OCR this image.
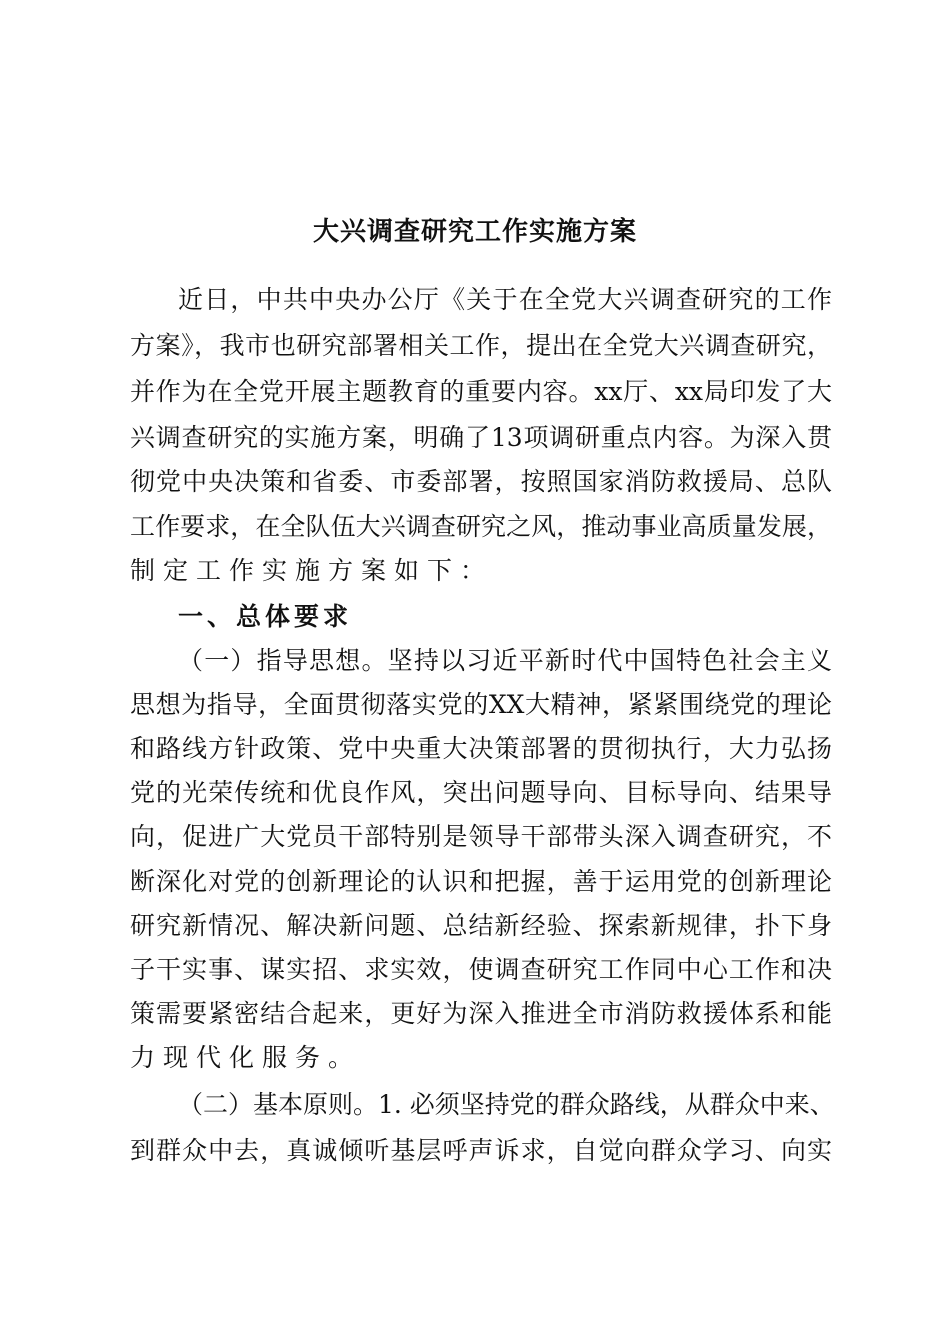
大兴调查研究工作实施方案
近日，中共中央办公厅《关于在全党大兴调查研究的工作
方案》，我市也研究部署相关工作，提出在全党大兴调查研究，
并作为在全党开展主题教育的重要内容。xx厅、xx局印发了大
兴调查研究的实施方案，明确了13项调研重点内容。为深入贯
彻党中央决策和省委、市委部署，按照国家消防救援局、总队
工作要求，在全队伍大兴调查研究之风，推动事业高质量发展，
制定工作实施方案如下：
一、总体要求
（一）指导思想。坚持以习近平新时代中国特色社会主义
思想为指导，全面贯彻落实党的XX大精神，紧紧围绕党的理论
和路线方针政策、党中央重大决策部署的贯彻执行，大力弘扬
党的光荣传统和优良作风，突出问题导向、目标导向、结果导
向，促进广大党员干部特别是领导干部带头深入调查研究，不
断深化对党的创新理论的认识和把握，善于运用党的创新理论
研究新情况、解决新问题、总结新经验、探索新规律，扑下身
子干实事、谋实招、求实效，使调查研究工作同中心工作和决
策需要紧密结合起来，更好为深入推进全市消防救援体系和能
力现代化服务。
（二）基本原则。1. 必须坚持党的群众路线，从群众中来、
到群众中去，真诚倾听基层呼声诉求，自觉向群众学习、向实
